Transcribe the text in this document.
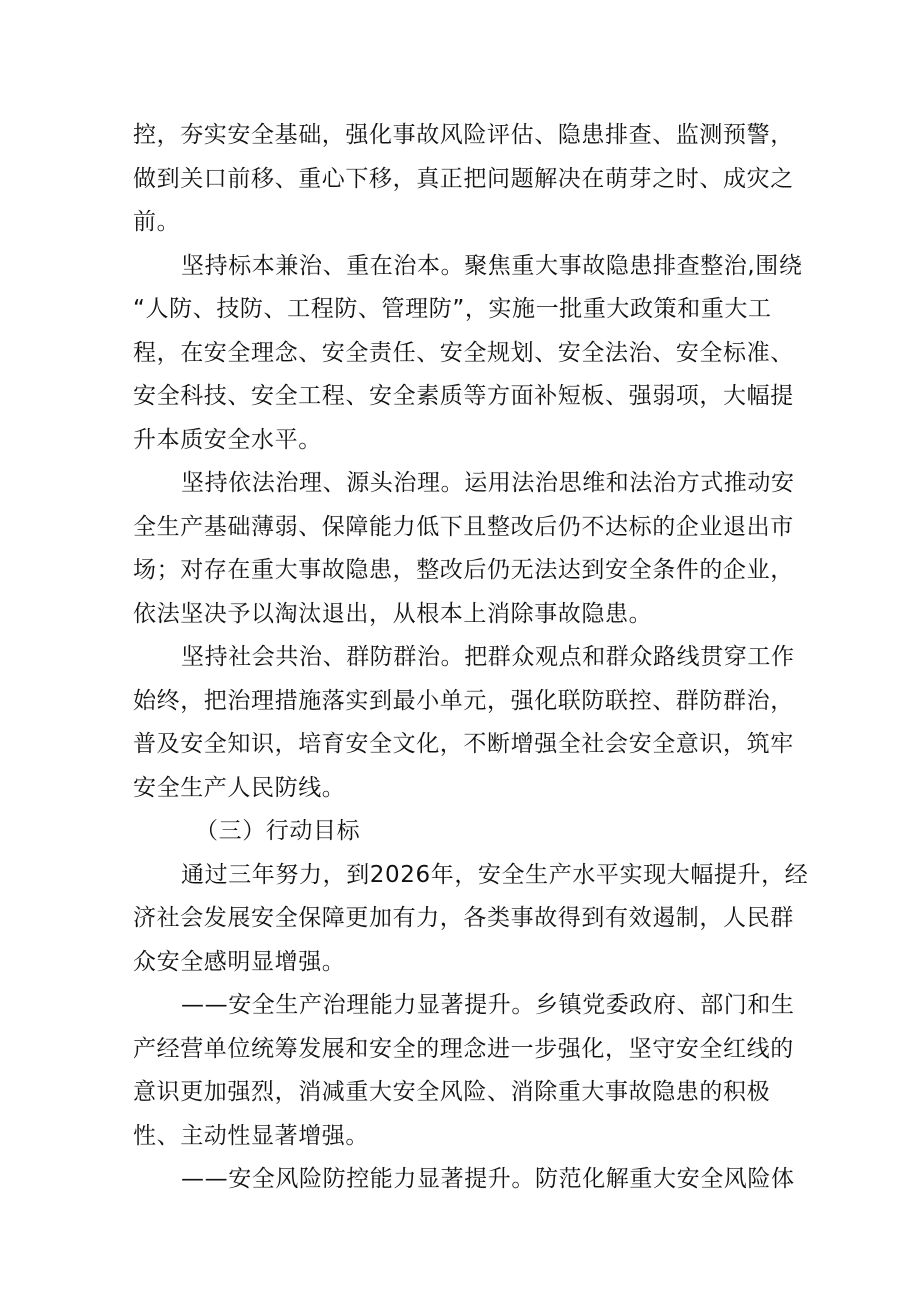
控，夯实安全基础，强化事故风险评估、隐患排查、监测预警，
做到关口前移、重心下移，真正把问题解决在萌芽之时、成灾之
前。
坚持标本兼治、重在治本。聚焦重大事故隐患排查整治,围绕
“人防、技防、工程防、管理防”，实施一批重大政策和重大工
程，在安全理念、安全责任、安全规划、安全法治、安全标准、
安全科技、安全工程、安全素质等方面补短板、强弱项，大幅提
升本质安全水平。
坚持依法治理、源头治理。运用法治思维和法治方式推动安
全生产基础薄弱、保障能力低下且整改后仍不达标的企业退出市
场；对存在重大事故隐患，整改后仍无法达到安全条件的企业，
依法坚决予以淘汰退出，从根本上消除事故隐患。
坚持社会共治、群防群治。把群众观点和群众路线贯穿工作
始终，把治理措施落实到最小单元，强化联防联控、群防群治，
普及安全知识，培育安全文化，不断增强全社会安全意识，筑牢
安全生产人民防线。
（三）行动目标
通过三年努力，到2026年，安全生产水平实现大幅提升，经
济社会发展安全保障更加有力，各类事故得到有效遏制，人民群
众安全感明显增强。
——安全生产治理能力显著提升。乡镇党委政府、部门和生
产经营单位统筹发展和安全的理念进一步强化，坚守安全红线的
意识更加强烈，消减重大安全风险、消除重大事故隐患的积极
性、主动性显著增强。
——安全风险防控能力显著提升。防范化解重大安全风险体
